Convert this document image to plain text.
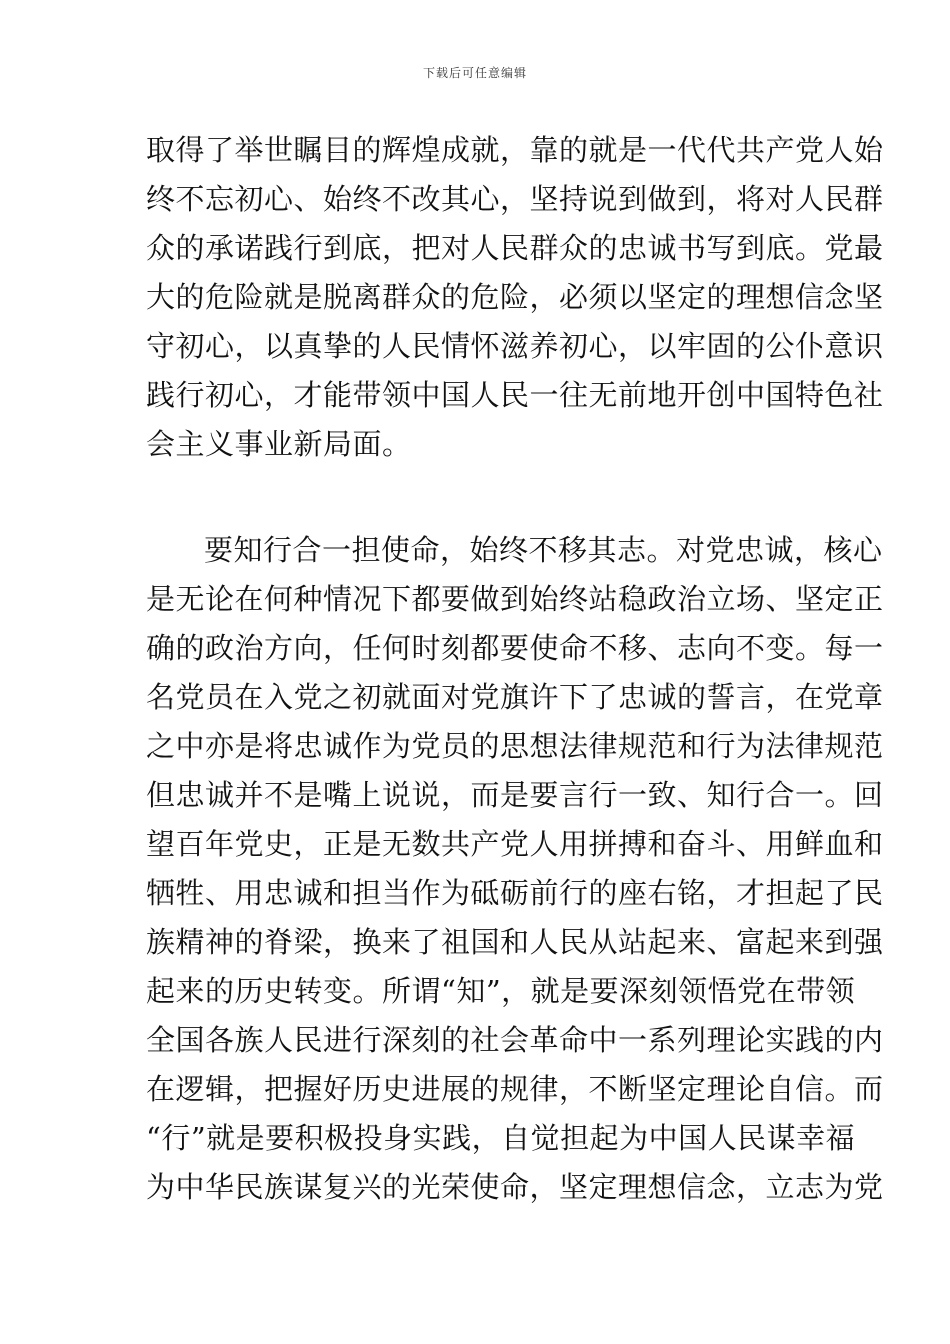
下载后可任意编辑
取得了举世瞩目的辉煌成就，靠的就是一代代共产党人始
终不忘初心、始终不改其心，坚持说到做到，将对人民群
众的承诺践行到底，把对人民群众的忠诚书写到底。党最
大的危险就是脱离群众的危险，必须以坚定的理想信念坚
守初心，以真挚的人民情怀滋养初心，以牢固的公仆意识
践行初心，才能带领中国人民一往无前地开创中国特色社
会主义事业新局面。
要知行合一担使命，始终不移其志。对党忠诚，核心
是无论在何种情况下都要做到始终站稳政治立场、坚定正
确的政治方向，任何时刻都要使命不移、志向不变。每一
名党员在入党之初就面对党旗许下了忠诚的誓言，在党章
之中亦是将忠诚作为党员的思想法律规范和行为法律规范
但忠诚并不是嘴上说说，而是要言行一致、知行合一。回
望百年党史，正是无数共产党人用拼搏和奋斗、用鲜血和
牺牲、用忠诚和担当作为砥砺前行的座右铭，才担起了民
族精神的脊梁，换来了祖国和人民从站起来、富起来到强
起来的历史转变。所谓“知”，就是要深刻领悟党在带领
全国各族人民进行深刻的社会革命中一系列理论实践的内
在逻辑，把握好历史进展的规律，不断坚定理论自信。而
“行”就是要积极投身实践，自觉担起为中国人民谋幸福
为中华民族谋复兴的光荣使命，坚定理想信念，立志为党
